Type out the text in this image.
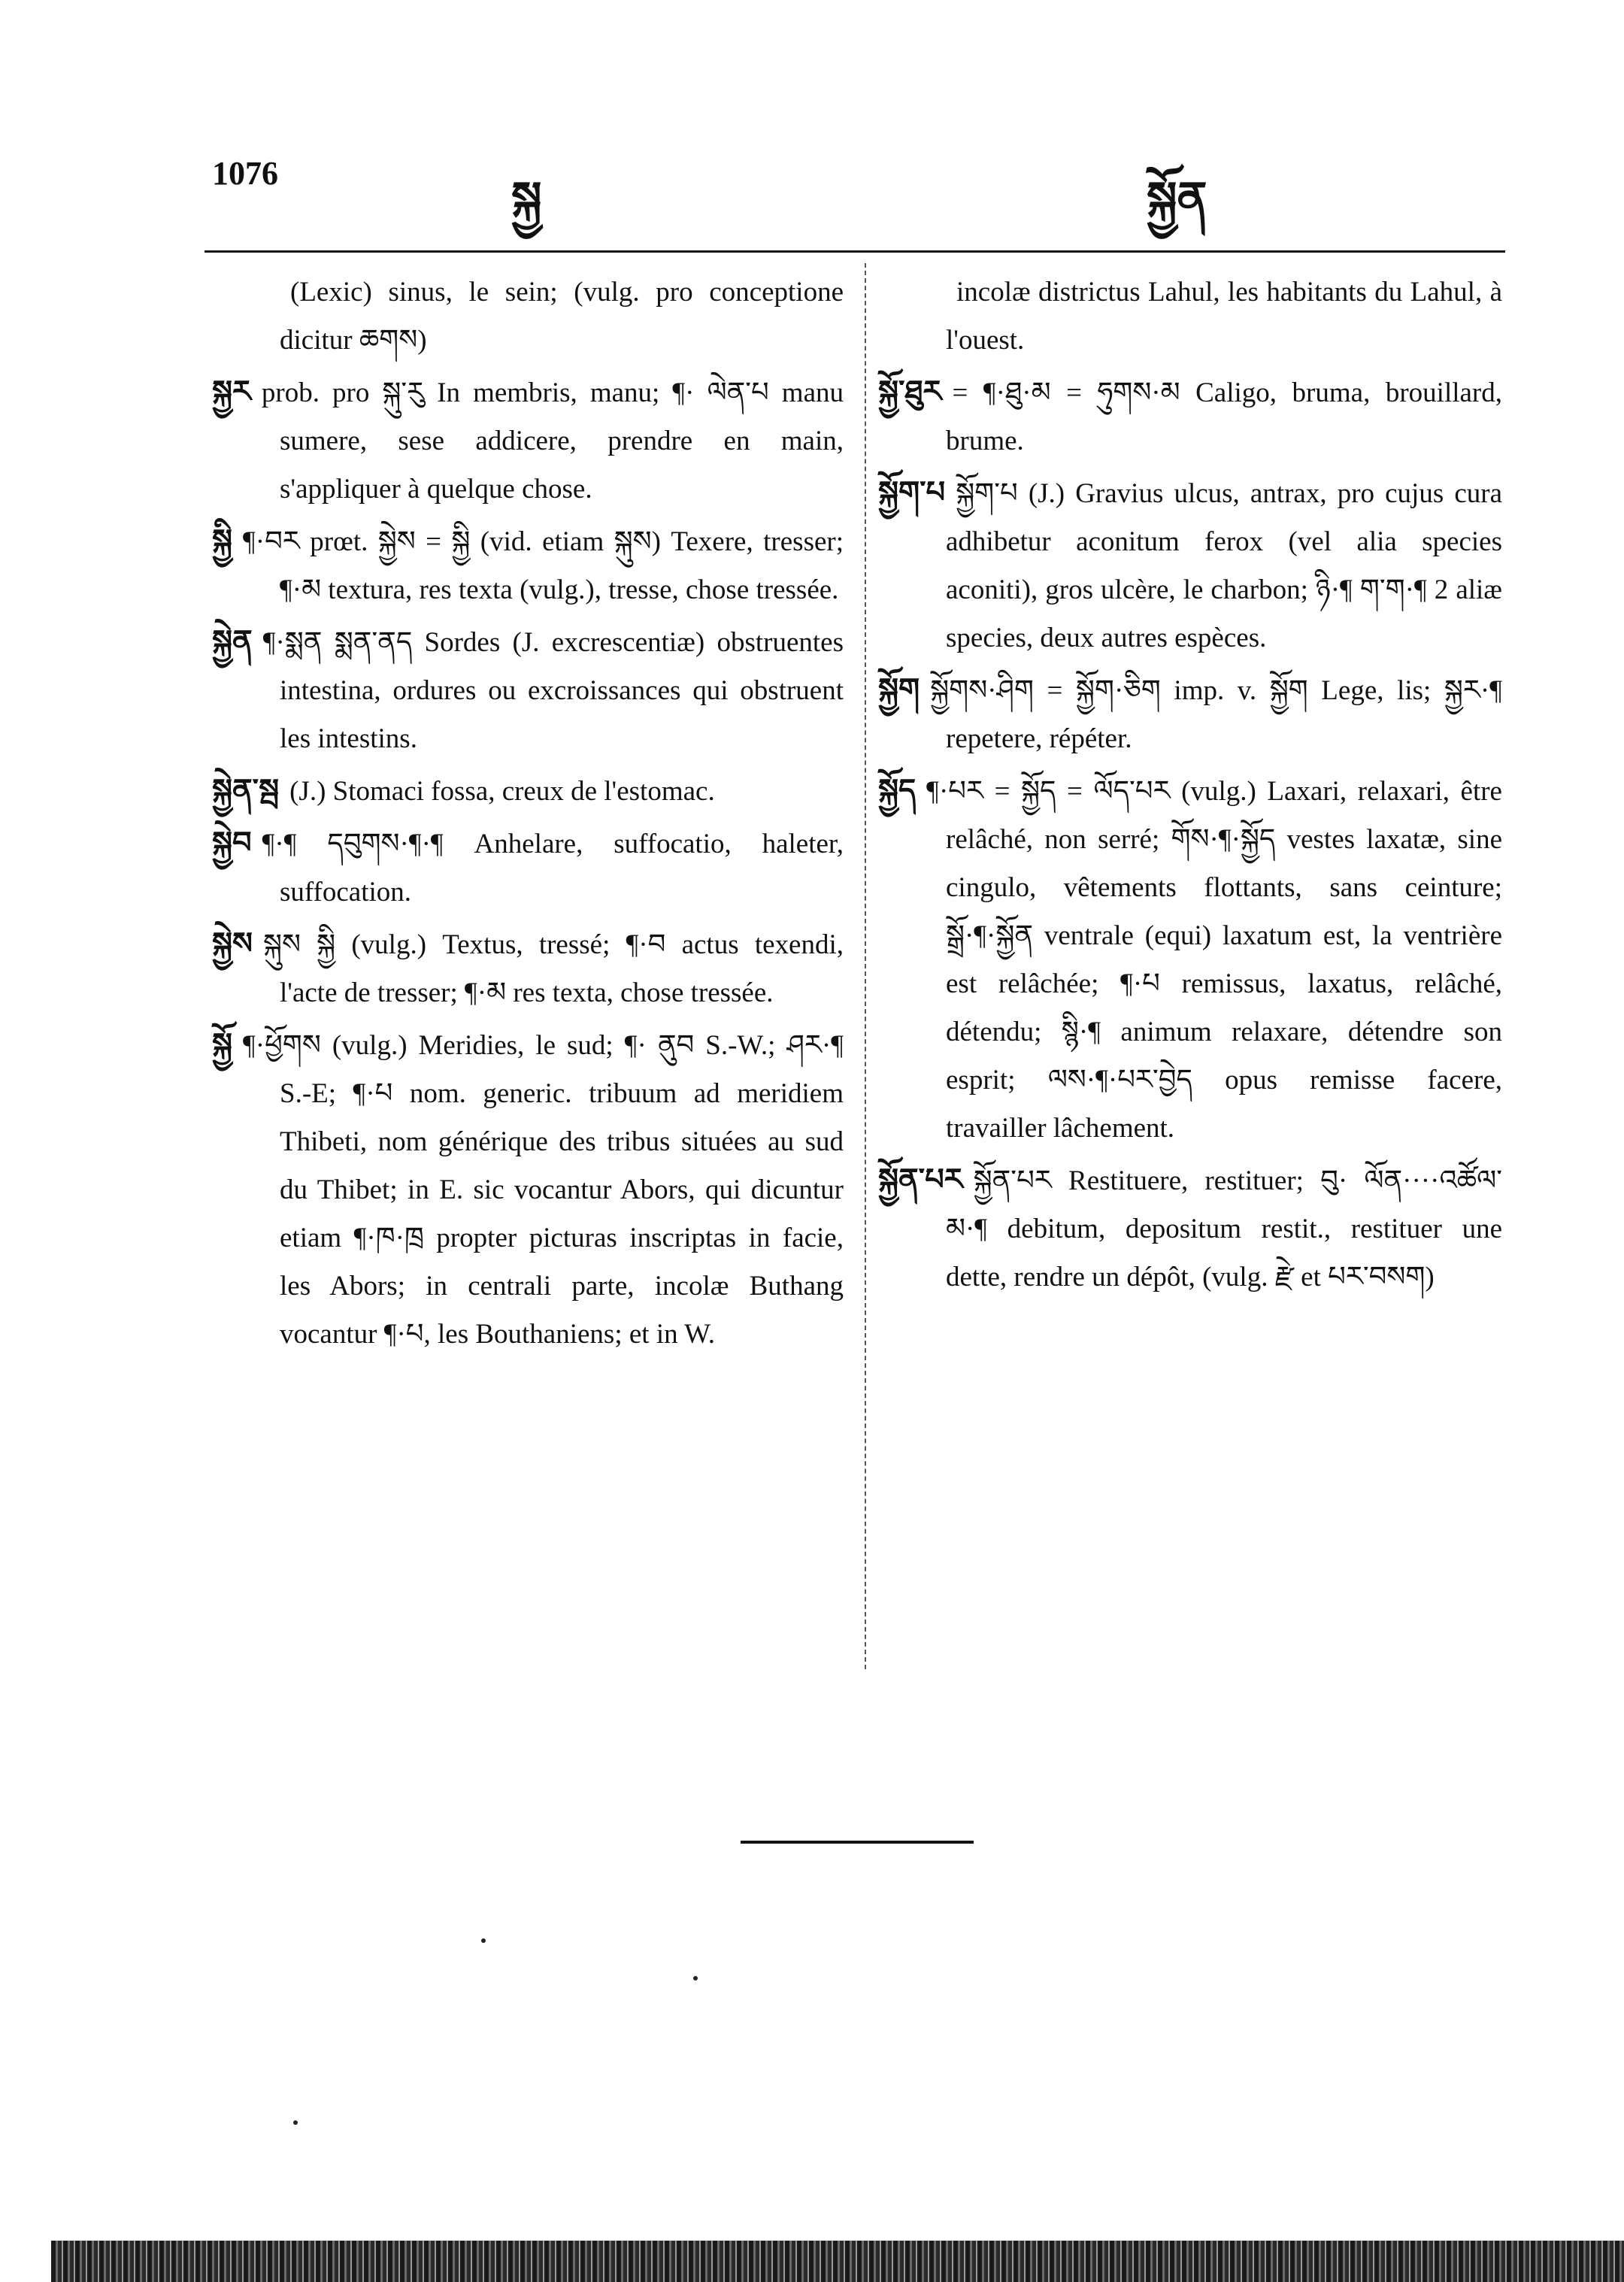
1076	སྐྱ	སྐྱོན

(Lexic) sinus, le sein; (vulg. pro conceptione dicitur ཆགས)

སྐྱར prob. pro སྐུ་རུ In membris, manu; ¶· ལེན་པ manu sumere, sese addicere, prendre en main, s'appliquer à quelque chose.

སྐྱི ¶·བར prœt. སྐྱེས = སྐྱི (vid. etiam སྐུས) Texere, tresser; ¶·མ textura, res texta (vulg.), tresse, chose tressée.

སྐྱེན ¶·སྨན སྨན་ནད Sordes (J. excrescentiæ) obstruentes intestina, ordures ou excroissances qui obstruent les intestins.

སྐྱེན་སྦ (J.) Stomaci fossa, creux de l'estomac.

སྐྱེབ ¶·¶ དབུགས·¶·¶ Anhelare, suffocatio, haleter, suffocation.

སྐྱེས སྐུས སྐྱི (vulg.) Textus, tressé; ¶·བ actus texendi, l'acte de tresser; ¶·མ res texta, chose tressée.

སྐྱོ ¶·ཕྱོགས (vulg.) Meridies, le sud; ¶· ནུབ S.-W.; ཤར·¶ S.-E; ¶·པ nom. generic. tribuum ad meridiem Thibeti, nom générique des tribus situées au sud du Thibet; in E. sic vocantur Abors, qui dicuntur etiam ¶·ཁ·ཁྲ propter picturas inscriptas in facie, les Abors; in centrali parte, incolæ Buthang vocantur ¶·པ, les Bouthaniens; et in W.

incolæ districtus Lahul, les habitants du Lahul, à l'ouest.

སྐྱོ་ཐུར = ¶·ཐུ·མ = ཧུགས·མ Caligo, bruma, brouillard, brume.

སྐྱོག་པ སྐྱོག་པ (J.) Gravius ulcus, antrax, pro cujus cura adhibetur aconitum ferox (vel alia species aconiti), gros ulcère, le charbon; ཉི·¶ ག་ག·¶ 2 aliæ species, deux autres espèces.

སྐྱོག སྐྱོགས·ཤིག = སྐྱོག·ཅིག imp. v. སྐྱོག Lege, lis; སྐྱར·¶ repetere, répéter.

སྐྱོད ¶·པར = སྐྱོད = ལོད་པར (vulg.) Laxari, relaxari, être relâché, non serré; གོས·¶·སྐྱོད vestes laxatæ, sine cingulo, vêtements flottants, sans ceinture; སྒྲོ·¶·སྐྱོན ventrale (equi) laxatum est, la ventrière est relâchée; ¶·པ remissus, laxatus, relâché, détendu; སྙི·¶ animum relaxare, détendre son esprit; ལས·¶·པར་བྱེད opus remisse facere, travailler lâchement.

སྐྱོན་པར སྐྱོན་པར Restituere, restituer; བུ· ལོན····འཚོལ་མ·¶ debitum, depositum restit., restituer une dette, rendre un dépôt, (vulg. རྫེ et པར་བསག)
